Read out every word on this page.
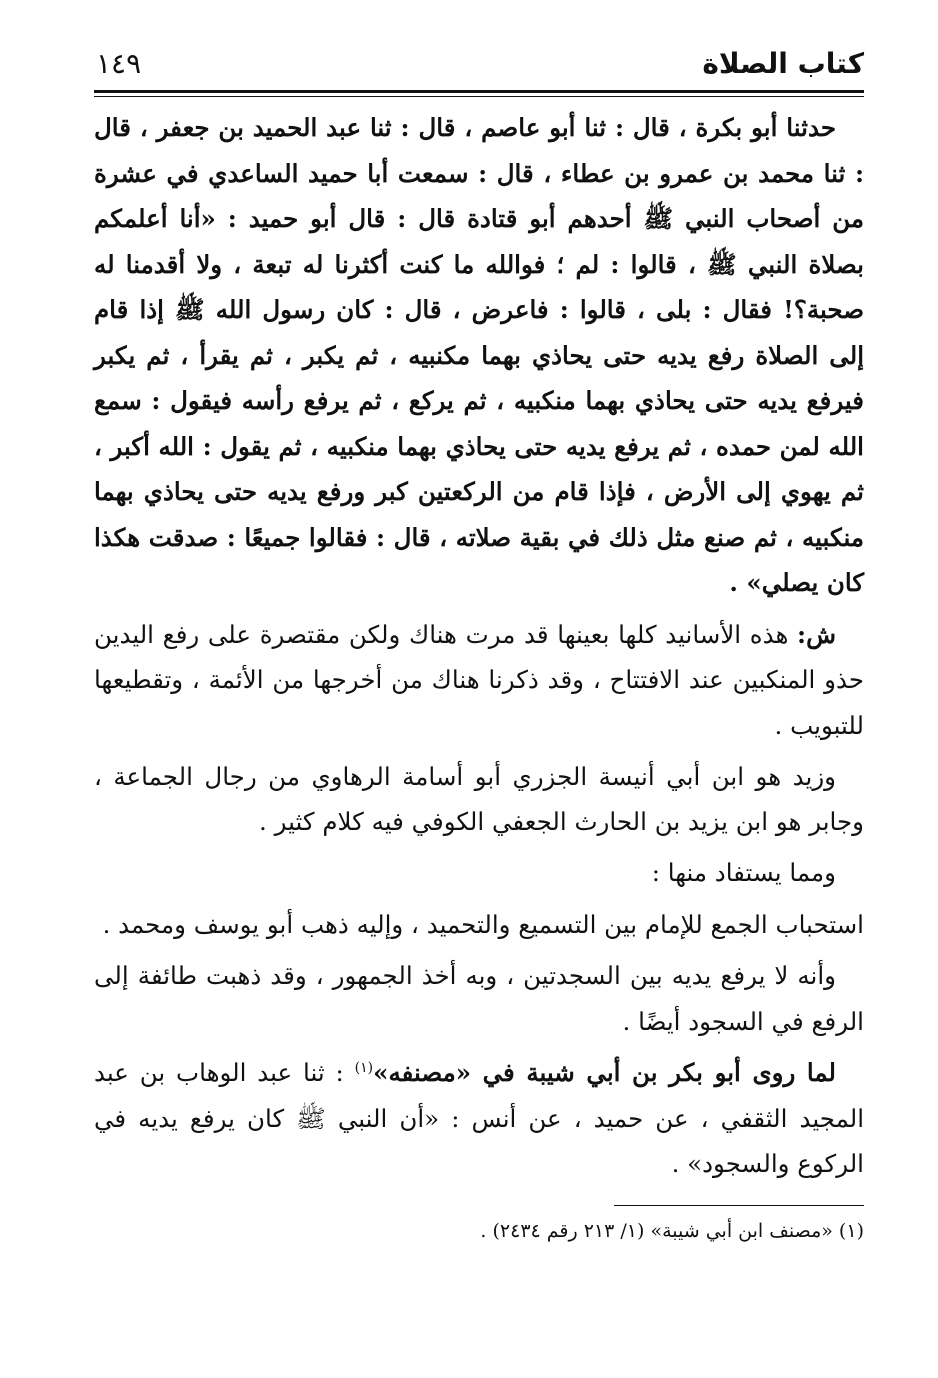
كتاب الصلاة
١٤٩

حدثنا أبو بكرة ، قال : ثنا أبو عاصم ، قال : ثنا عبد الحميد بن جعفر ، قال : ثنا محمد بن عمرو بن عطاء ، قال : سمعت أبا حميد الساعدي في عشرة من أصحاب النبي ﷺ أحدهم أبو قتادة قال : قال أبو حميد : «أنا أعلمكم بصلاة النبي ﷺ ، قالوا : لم ؛ فوالله ما كنت أكثرنا له تبعة ، ولا أقدمنا له صحبة؟! فقال : بلى ، قالوا : فاعرض ، قال : كان رسول الله ﷺ إذا قام إلى الصلاة رفع يديه حتى يحاذي بهما مكنبيه ، ثم يكبر ، ثم يقرأ ، ثم يكبر فيرفع يديه حتى يحاذي بهما منكبيه ، ثم يركع ، ثم يرفع رأسه فيقول : سمع الله لمن حمده ، ثم يرفع يديه حتى يحاذي بهما منكبيه ، ثم يقول : الله أكبر ، ثم يهوي إلى الأرض ، فإذا قام من الركعتين كبر ورفع يديه حتى يحاذي بهما منكبيه ، ثم صنع مثل ذلك في بقية صلاته ، قال : فقالوا جميعًا : صدقت هكذا كان يصلي» .

ش: هذه الأسانيد كلها بعينها قد مرت هناك ولكن مقتصرة على رفع اليدين حذو المنكبين عند الافتتاح ، وقد ذكرنا هناك من أخرجها من الأئمة ، وتقطيعها للتبويب .

وزيد هو ابن أبي أنيسة الجزري أبو أسامة الرهاوي من رجال الجماعة ، وجابر هو ابن يزيد بن الحارث الجعفي الكوفي فيه كلام كثير .

ومما يستفاد منها :

استحباب الجمع للإمام بين التسميع والتحميد ، وإليه ذهب أبو يوسف ومحمد .

وأنه لا يرفع يديه بين السجدتين ، وبه أخذ الجمهور ، وقد ذهبت طائفة إلى الرفع في السجود أيضًا .

لما روى أبو بكر بن أبي شيبة في «مصنفه»$^{(١)}$ : ثنا عبد الوهاب بن عبد المجيد الثقفي ، عن حميد ، عن أنس : «أن النبي ﷺ كان يرفع يديه في الركوع والسجود» .

(١) «مصنف ابن أبي شيبة» (١/ ٢١٣ رقم ٢٤٣٤) .
